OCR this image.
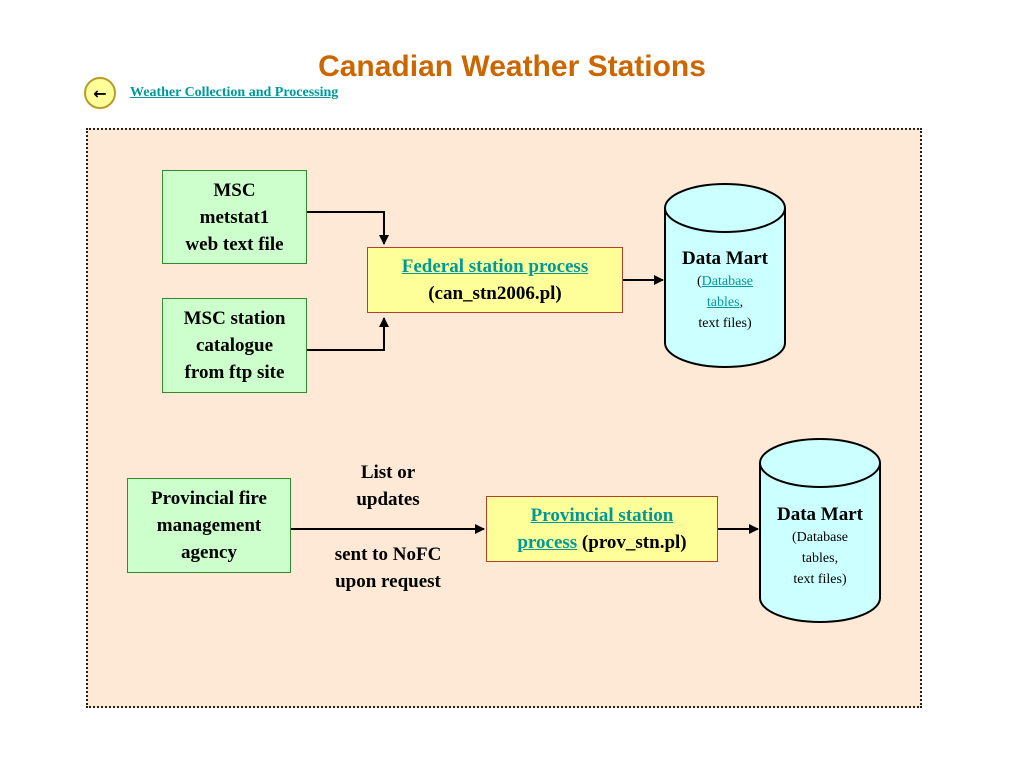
Canadian Weather Stations
← Weather Collection and Processing
MSC
metstat1
web text file
MSC station
catalogue
from ftp site
Federal station process
(can_stn2006.pl)
Data Mart
(Database
tables,
text files)
Provincial fire
management
agency
List or
updates
sent to NoFC
upon request
Provincial station
process (prov_stn.pl)
Data Mart
(Database
tables,
text files)
